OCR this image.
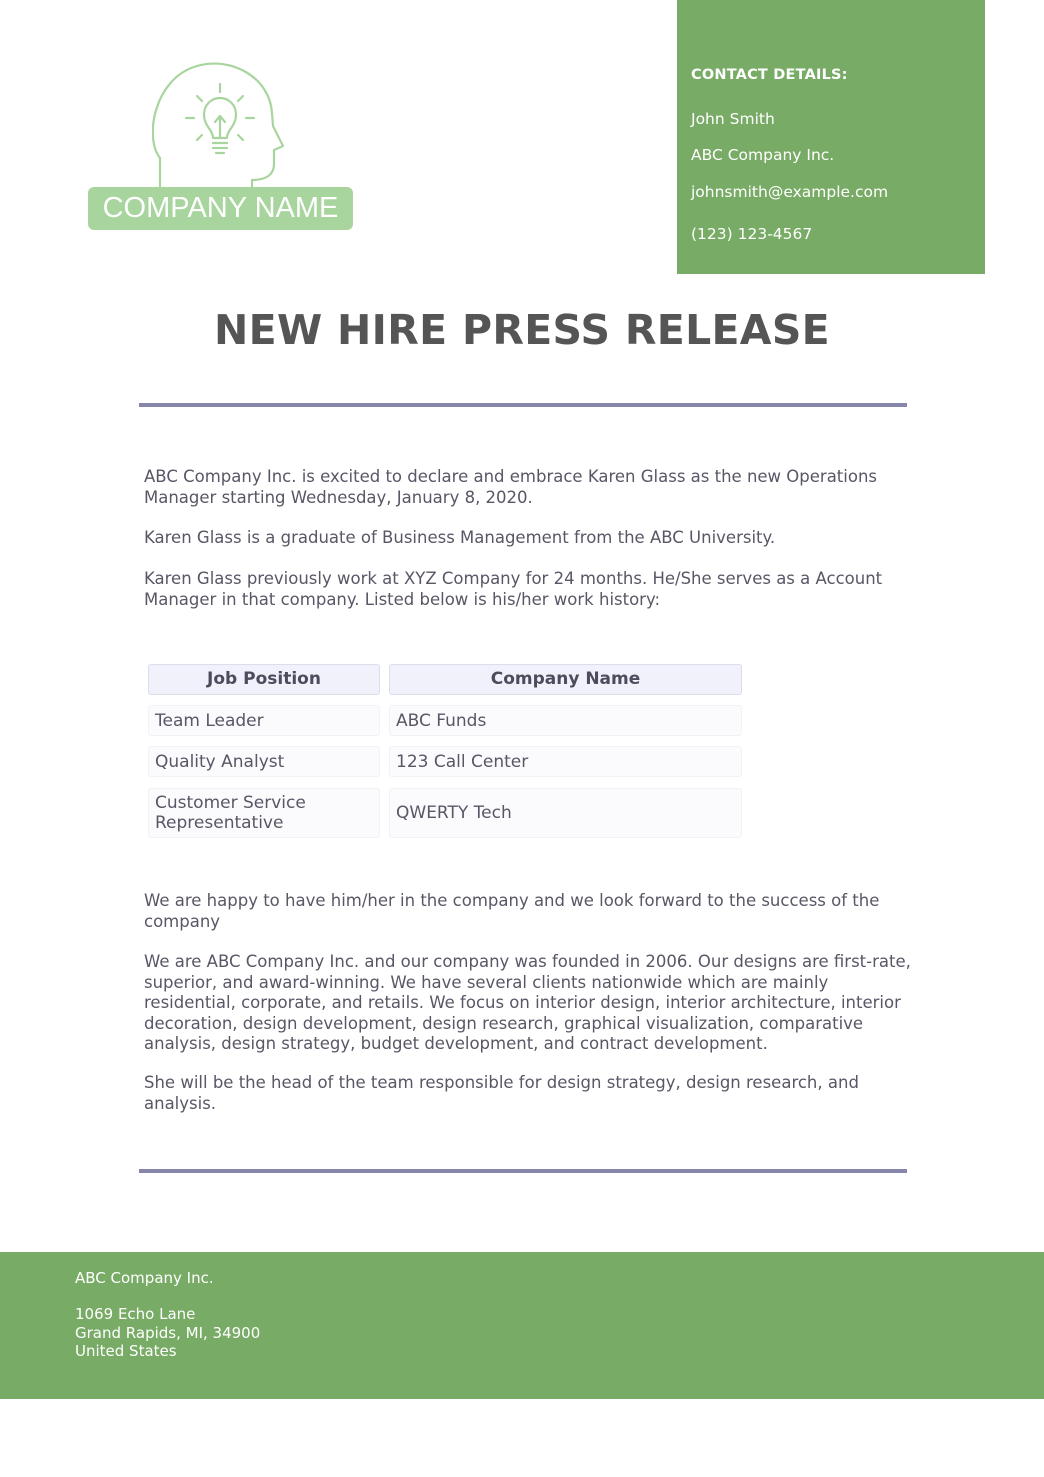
COMPANY NAME
CONTACT DETAILS:
John Smith
ABC Company Inc.
johnsmith@example.com
(123) 123-4567
NEW HIRE PRESS RELEASE
ABC Company Inc. is excited to declare and embrace Karen Glass as the new Operations Manager starting Wednesday, January 8, 2020.
Karen Glass is a graduate of Business Management from the ABC University.
Karen Glass previously work at XYZ Company for 24 months. He/She serves as a Account Manager in that company. Listed below is his/her work history:
Job Position	Company Name
Team Leader	ABC Funds
Quality Analyst	123 Call Center
Customer Service Representative	QWERTY Tech
We are happy to have him/her in the company and we look forward to the success of the company
We are ABC Company Inc. and our company was founded in 2006. Our designs are first-rate, superior, and award-winning. We have several clients nationwide which are mainly residential, corporate, and retails. We focus on interior design, interior architecture, interior decoration, design development, design research, graphical visualization, comparative analysis, design strategy, budget development, and contract development.
She will be the head of the team responsible for design strategy, design research, and analysis.
ABC Company Inc.
1069 Echo Lane
Grand Rapids, MI, 34900
United States
